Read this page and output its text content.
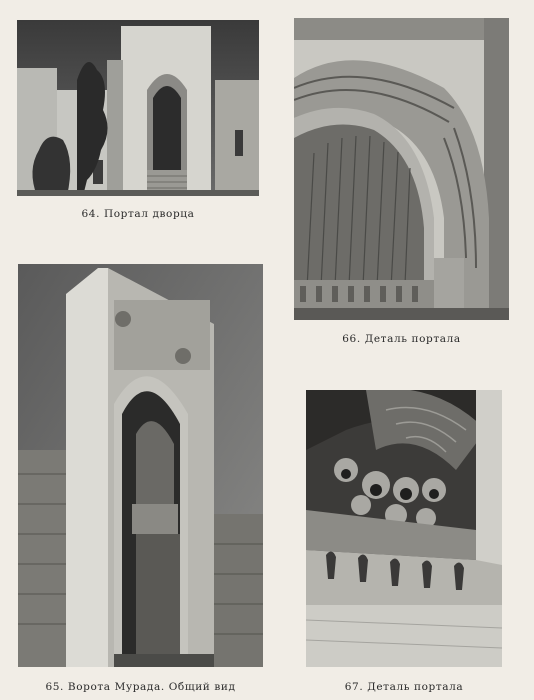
64. Портал дворца
66. Деталь портала
65. Ворота Мурада. Общий вид	67. Деталь портала
